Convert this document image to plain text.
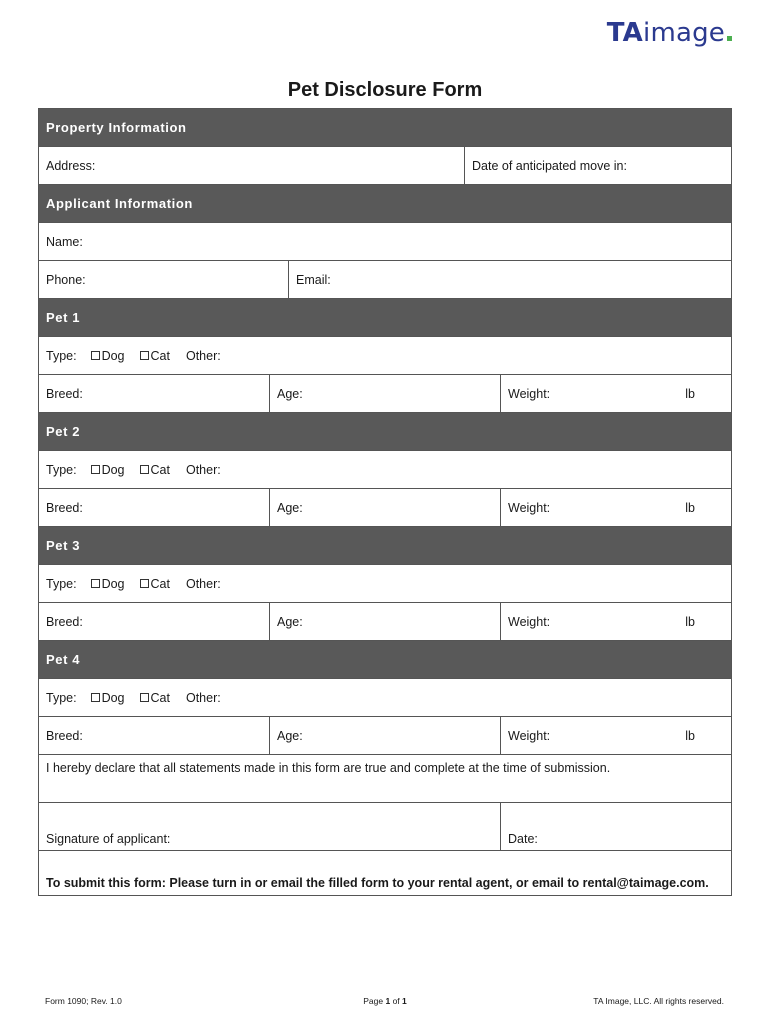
TAimage
Pet Disclosure Form
Property Information
Address:	Date of anticipated move in:
Applicant Information
Name:
Phone:	Email:
Pet 1
Type: Dog Cat Other:
Breed:	Age:	Weight:	lb
Pet 2
Type: Dog Cat Other:
Breed:	Age:	Weight:	lb
Pet 3
Type: Dog Cat Other:
Breed:	Age:	Weight:	lb
Pet 4
Type: Dog Cat Other:
Breed:	Age:	Weight:	lb
I hereby declare that all statements made in this form are true and complete at the time of submission.
Signature of applicant:	Date:
To submit this form: Please turn in or email the filled form to your rental agent, or email to rental@taimage.com.
Form 1090; Rev. 1.0	Page 1 of 1	TA Image, LLC. All rights reserved.
